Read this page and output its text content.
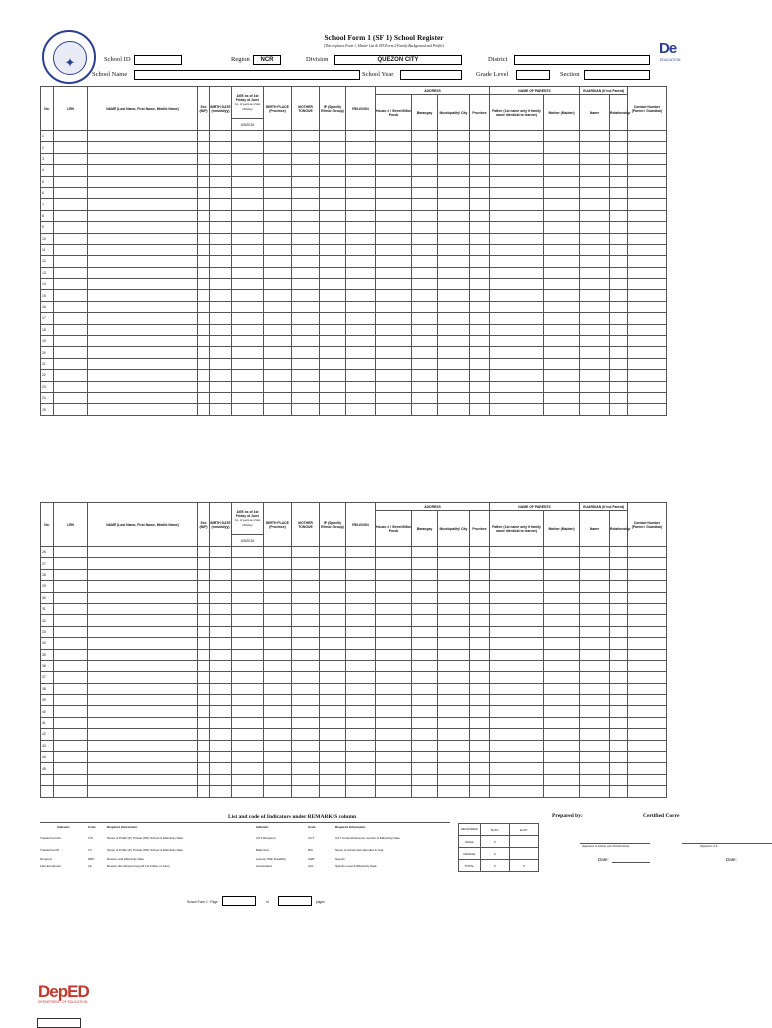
✦
School Form 1 (SF 1) School Register
(This replaces Form 1, Master List & STS Form 2-Family Background and Profile)	De
EDUCATION
School ID	Region	NCR	Division	QUEZON CITY	District
School Name	School Year	Grade Level	Section
No.	LRN	NAME (Last Name, First Name, Middle Name)	Sex (M/F)	BIRTH DATE (mm/dd/yy)	AGE as of 1st Friday of June
(no. of years as of last birthday)	BIRTH PLACE (Province)	MOTHER TONGUE	IP (Specify Ethnic Group)	RELIGION	ADDRESS				NAME OF PARENTS		GUARDIAN (If not Parent)		Contact Number (Parent / Guardian)
										House # / Street/Sitio/ Purok	Barangay	Municipality/ City	Province	Father (1st name only if family name identical to learner)	Mother (Maiden)	Name	Relationship	
					6/5/2016													
1																		
2																		
3																		
4																		
5																		
6																		
7																		
8																		
9																		
10																		
11																		
12																		
13																		
14																		
15																		
16																		
17																		
18																		
19																		
20																		
21																		
22																		
23																		
24																		
25																		
No.	LRN	NAME (Last Name, First Name, Middle Name)	Sex (M/F)	BIRTH DATE (mm/dd/yy)	AGE as of 1st Friday of June
(no. of years as of last birthday)	BIRTH PLACE (Province)	MOTHER TONGUE	IP (Specify Ethnic Group)	RELIGION	ADDRESS				NAME OF PARENTS		GUARDIAN (If not Parent)		Contact Number (Parent / Guardian)
										House # / Street/Sitio/ Purok	Barangay	Municipality/ City	Province	Father (1st name only if family name identical to learner)	Mother (Maiden)	Name	Relationship	
					6/5/2016													
26																		
27																		
28																		
29																		
30																		
31																		
32																		
33																		
34																		
35																		
36																		
37																		
38																		
39																		
40																		
41																		
42																		
43																		
44																		
45																		

List and code of Indicators under REMARK/S column
Indicator	Code	Required Information	Indicator	Code	Required Information
Transferred Out	T/O	Name of Public (P) Private (PR) School & Effectivity Date
Transferred IN	T/I	Name of Public (P) Private (PR) School & Effectivity Date
Dropped	DRP	Reason and Effectivity Date
Late Enrollment	LE	Reason (Enrollment beyond 1st Friday of June)
CCT Recipient	CCT	CCT Control/reference number & Effectivity Date
Balik Aral	B/A	Name of school last attended & Year
Learner With Disability	LWD	Specify
Accelerated	ACL	Specify Level & Effectivity Data
REGISTERED	BoSY	EoSY
MALE	0	
FEMALE	0	
TOTAL	0	0
Prepared by:	Certified Corre
(Signature of Adviser over Printed Name)	(Signature of S
Date:	Date:
School Form 1 : Page	of	pages
DepED
DEPARTMENT OF EDUCATION
